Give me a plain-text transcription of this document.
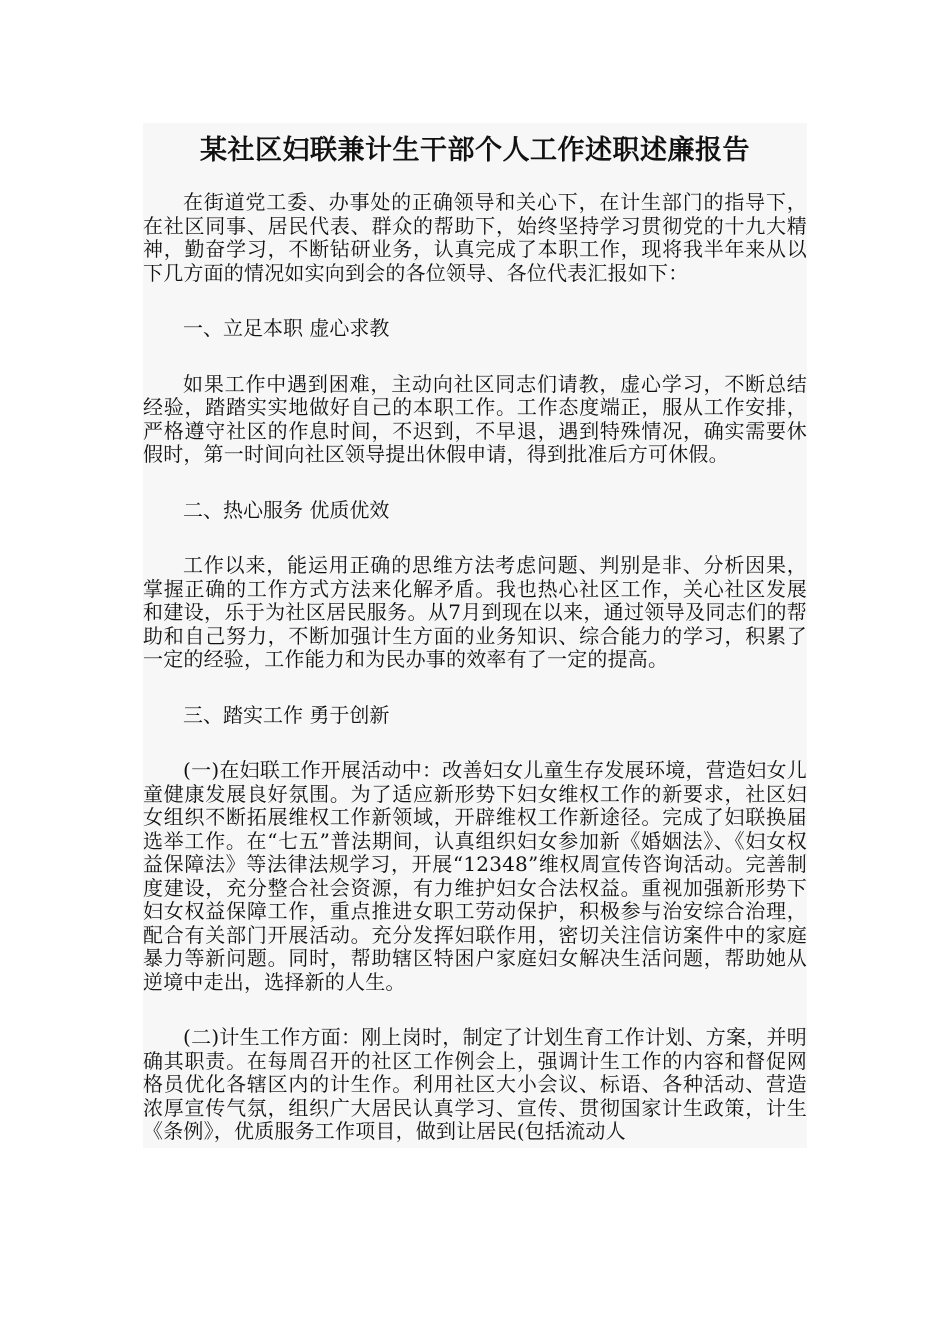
某社区妇联兼计生干部个人工作述职述廉报告

在街道党工委、办事处的正确领导和关心下，在计生部门的指导下，在社区同事、居民代表、群众的帮助下，始终坚持学习贯彻党的十九大精神，勤奋学习，不断钻研业务，认真完成了本职工作，现将我半年来从以下几方面的情况如实向到会的各位领导、各位代表汇报如下：

一、立足本职 虚心求教

如果工作中遇到困难，主动向社区同志们请教，虚心学习，不断总结经验，踏踏实实地做好自己的本职工作。工作态度端正，服从工作安排，严格遵守社区的作息时间，不迟到，不早退，遇到特殊情况，确实需要休假时，第一时间向社区领导提出休假申请，得到批准后方可休假。

二、热心服务 优质优效

工作以来，能运用正确的思维方法考虑问题、判别是非、分析因果，掌握正确的工作方式方法来化解矛盾。我也热心社区工作，关心社区发展和建设，乐于为社区居民服务。从7月到现在以来，通过领导及同志们的帮助和自己努力，不断加强计生方面的业务知识、综合能力的学习，积累了一定的经验，工作能力和为民办事的效率有了一定的提高。

三、踏实工作 勇于创新

(一)在妇联工作开展活动中：改善妇女儿童生存发展环境，营造妇女儿童健康发展良好氛围。为了适应新形势下妇女维权工作的新要求，社区妇女组织不断拓展维权工作新领域，开辟维权工作新途径。完成了妇联换届选举工作。在“七五”普法期间，认真组织妇女参加新《婚姻法》、《妇女权益保障法》等法律法规学习，开展“12348”维权周宣传咨询活动。完善制度建设，充分整合社会资源，有力维护妇女合法权益。重视加强新形势下妇女权益保障工作，重点推进女职工劳动保护，积极参与治安综合治理，配合有关部门开展活动。充分发挥妇联作用，密切关注信访案件中的家庭暴力等新问题。同时，帮助辖区特困户家庭妇女解决生活问题，帮助她从逆境中走出，选择新的人生。

(二)计生工作方面：刚上岗时，制定了计划生育工作计划、方案，并明确其职责。在每周召开的社区工作例会上，强调计生工作的内容和督促网格员优化各辖区内的计生作。利用社区大小会议、标语、各种活动、营造浓厚宣传气氛，组织广大居民认真学习、宣传、贯彻国家计生政策，计生《条例》，优质服务工作项目，做到让居民(包括流动人
